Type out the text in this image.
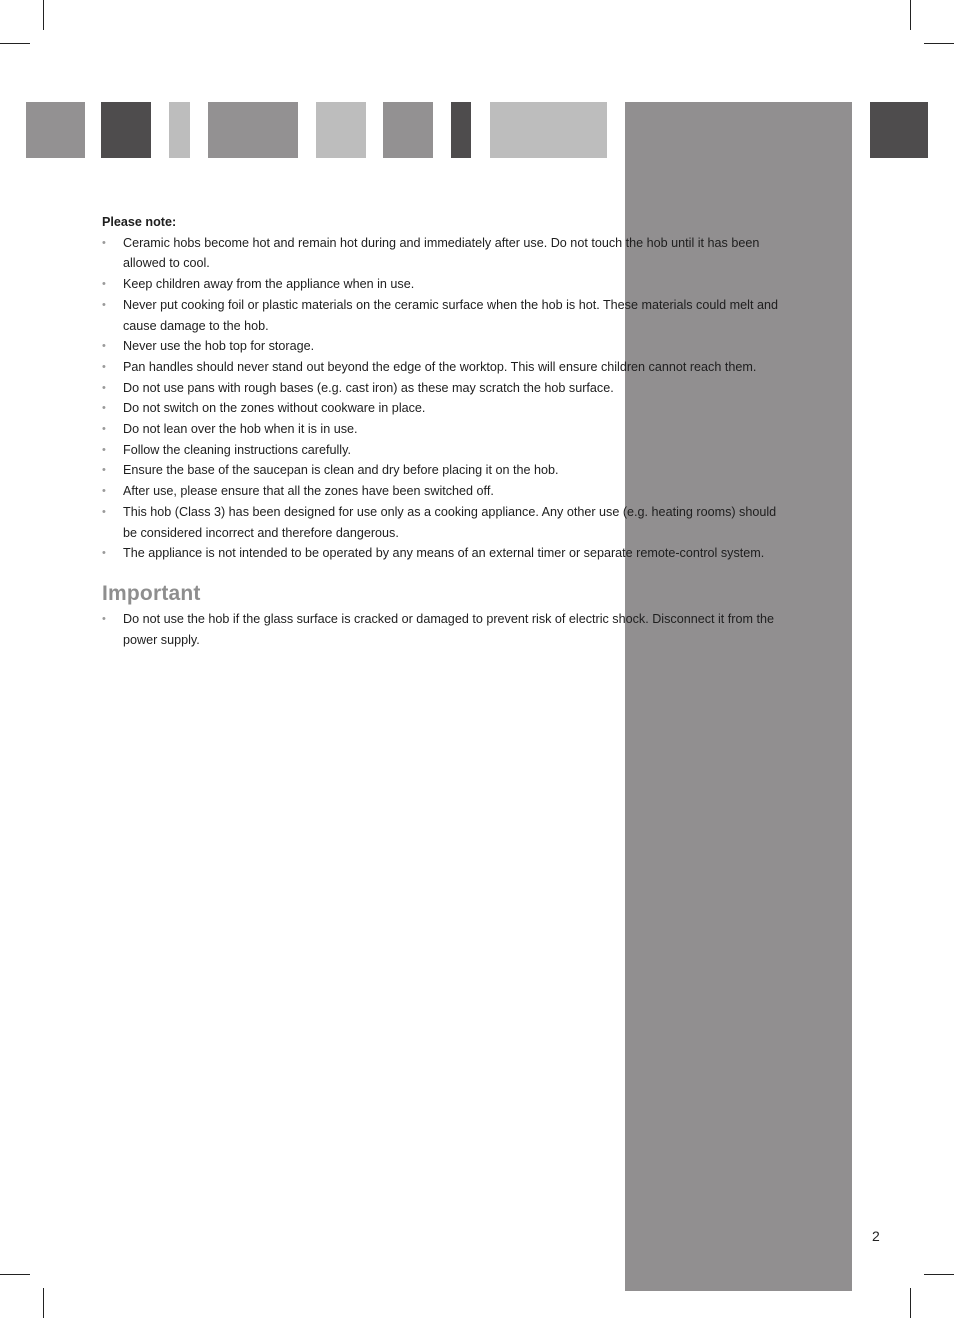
Please note:

• Ceramic hobs become hot and remain hot during and immediately after use. Do not touch the hob until it has been allowed to cool.
• Keep children away from the appliance when in use.
• Never put cooking foil or plastic materials on the ceramic surface when the hob is hot. These materials could melt and cause damage to the hob.
• Never use the hob top for storage.
• Pan handles should never stand out beyond the edge of the worktop. This will ensure children cannot reach them.
• Do not use pans with rough bases (e.g. cast iron) as these may scratch the hob surface.
• Do not switch on the zones without cookware in place.
• Do not lean over the hob when it is in use.
• Follow the cleaning instructions carefully.
• Ensure the base of the saucepan is clean and dry before placing it on the hob.
• After use, please ensure that all the zones have been switched off.
• This hob (Class 3) has been designed for use only as a cooking appliance. Any other use (e.g. heating rooms) should be considered incorrect and therefore dangerous.
• The appliance is not intended to be operated by any means of an external timer or separate remote-control system.
Important
• Do not use the hob if the glass surface is cracked or damaged to prevent risk of electric shock. Disconnect it from the power supply.
2
